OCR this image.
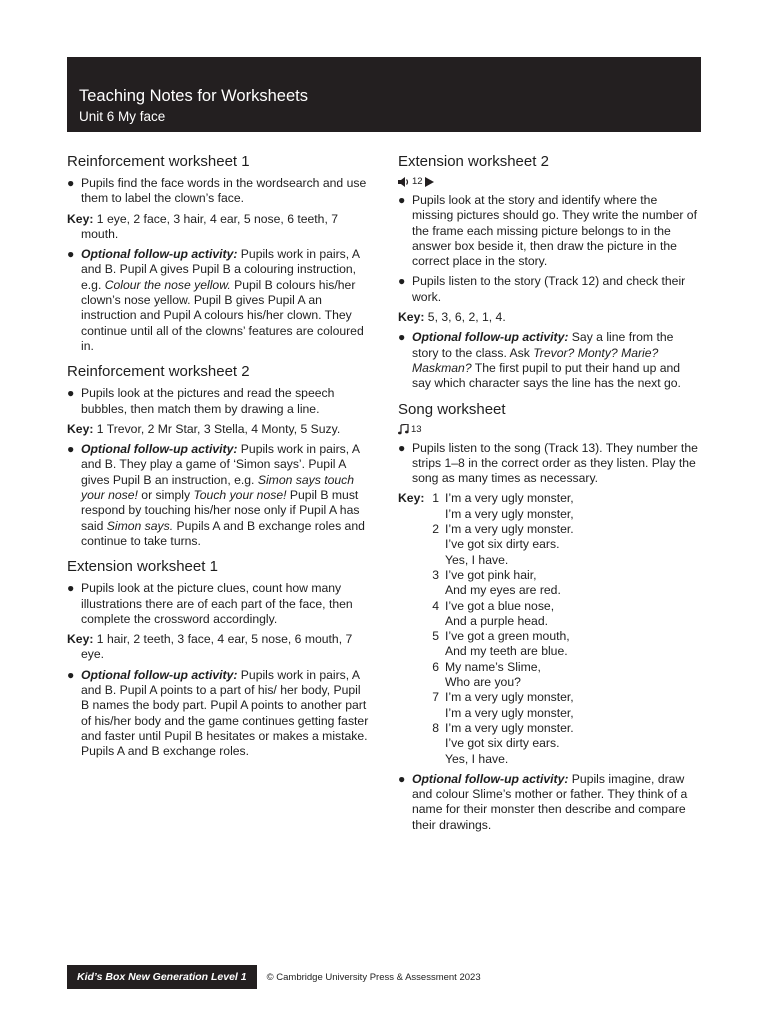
Teaching Notes for Worksheets
Unit 6 My face
Reinforcement worksheet 1
● Pupils find the face words in the wordsearch and use them to label the clown’s face.
Key: 1 eye, 2 face, 3 hair, 4 ear, 5 nose, 6 teeth, 7 mouth.
● Optional follow-up activity: Pupils work in pairs, A and B. Pupil A gives Pupil B a colouring instruction, e.g. Colour the nose yellow. Pupil B colours his/her clown’s nose yellow. Pupil B gives Pupil A an instruction and Pupil A colours his/her clown. They continue until all of the clowns’ features are coloured in.
Reinforcement worksheet 2
● Pupils look at the pictures and read the speech bubbles, then match them by drawing a line.
Key: 1 Trevor, 2 Mr Star, 3 Stella, 4 Monty, 5 Suzy.
● Optional follow-up activity: Pupils work in pairs, A and B. They play a game of ‘Simon says’. Pupil A gives Pupil B an instruction, e.g. Simon says touch your nose! or simply Touch your nose! Pupil B must respond by touching his/her nose only if Pupil A has said Simon says. Pupils A and B exchange roles and continue to take turns.
Extension worksheet 1
● Pupils look at the picture clues, count how many illustrations there are of each part of the face, then complete the crossword accordingly.
Key: 1 hair, 2 teeth, 3 face, 4 ear, 5 nose, 6 mouth, 7 eye.
● Optional follow-up activity: Pupils work in pairs, A and B. Pupil A points to a part of his/ her body, Pupil B names the body part. Pupil A points to another part of his/her body and the game continues getting faster and faster until Pupil B hesitates or makes a mistake. Pupils A and B exchange roles.
Extension worksheet 2
12
● Pupils look at the story and identify where the missing pictures should go. They write the number of the frame each missing picture belongs to in the answer box beside it, then draw the picture in the correct place in the story.
● Pupils listen to the story (Track 12) and check their work.
Key: 5, 3, 6, 2, 1, 4.
● Optional follow-up activity: Say a line from the story to the class. Ask Trevor? Monty? Marie? Maskman? The first pupil to put their hand up and say which character says the line has the next go.
Song worksheet
13
● Pupils listen to the song (Track 13). They number the strips 1–8 in the correct order as they listen. Play the song as many times as necessary.
Key: 1 I’m a very ugly monster,
I’m a very ugly monster,
2 I’m a very ugly monster.
I’ve got six dirty ears.
Yes, I have.
3 I’ve got pink hair,
And my eyes are red.
4 I’ve got a blue nose,
And a purple head.
5 I’ve got a green mouth,
And my teeth are blue.
6 My name’s Slime,
Who are you?
7 I’m a very ugly monster,
I’m a very ugly monster,
8 I’m a very ugly monster.
I’ve got six dirty ears.
Yes, I have.
● Optional follow-up activity: Pupils imagine, draw and colour Slime’s mother or father. They think of a name for their monster then describe and compare their drawings.
Kid’s Box New Generation Level 1	© Cambridge University Press & Assessment 2023
